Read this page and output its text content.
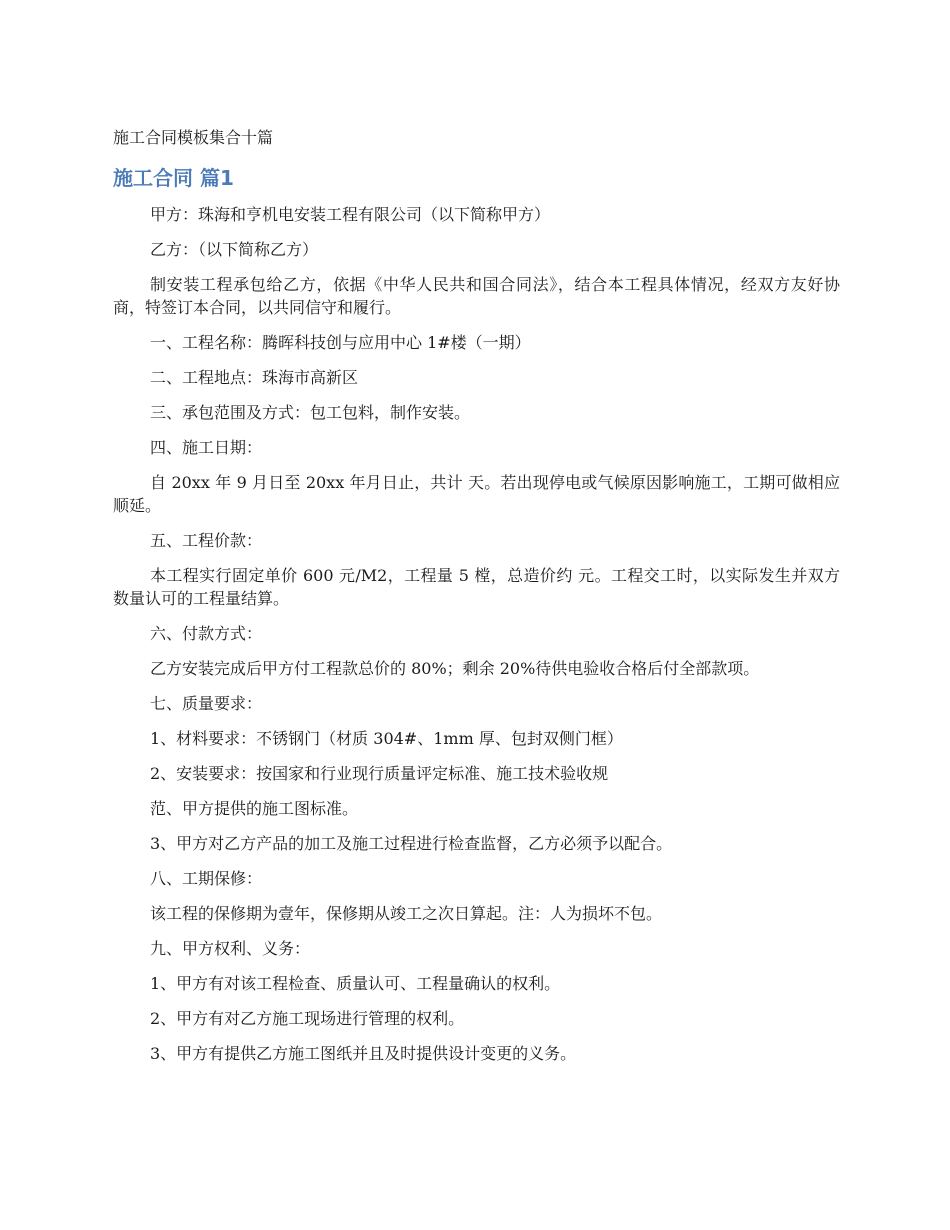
施工合同模板集合十篇

施工合同 篇1

甲方：珠海和亨机电安装工程有限公司（以下简称甲方）

乙方：（以下简称乙方）

制安装工程承包给乙方，依据《中华人民共和国合同法》，结合本工程具体情况，经双方友好协商，特签订本合同，以共同信守和履行。

一、工程名称：腾晖科技创与应用中心 1#楼（一期）

二、工程地点：珠海市高新区

三、承包范围及方式：包工包料，制作安装。

四、施工日期：

自 20xx 年 9 月日至 20xx 年月日止，共计 天。若出现停电或气候原因影响施工，工期可做相应顺延。

五、工程价款：

本工程实行固定单价 600 元/M2，工程量 5 樘，总造价约 元。工程交工时，以实际发生并双方数量认可的工程量结算。

六、付款方式：

乙方安装完成后甲方付工程款总价的 80%；剩余 20%待供电验收合格后付全部款项。

七、质量要求：

1、材料要求：不锈钢门（材质 304#、1mm 厚、包封双侧门框）

2、安装要求：按国家和行业现行质量评定标准、施工技术验收规

范、甲方提供的施工图标准。

3、甲方对乙方产品的加工及施工过程进行检查监督，乙方必须予以配合。

八、工期保修：

该工程的保修期为壹年，保修期从竣工之次日算起。注：人为损坏不包。

九、甲方权利、义务：

1、甲方有对该工程检查、质量认可、工程量确认的权利。

2、甲方有对乙方施工现场进行管理的权利。

3、甲方有提供乙方施工图纸并且及时提供设计变更的义务。
